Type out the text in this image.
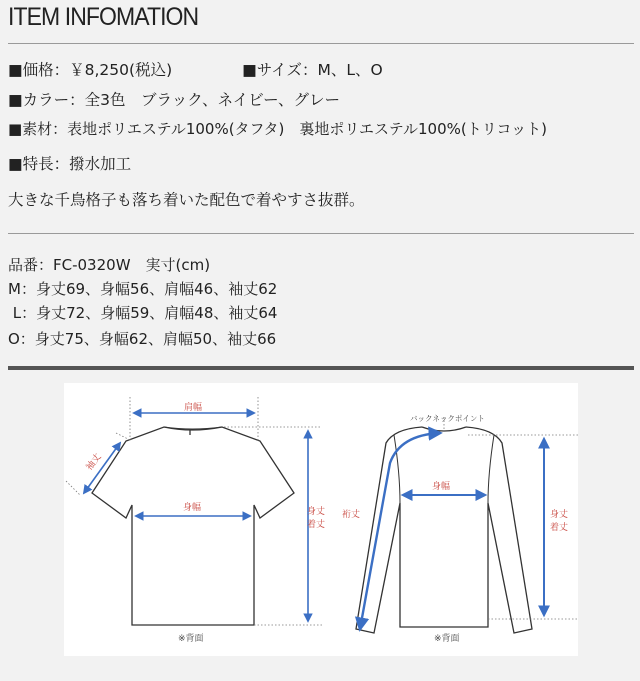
ITEM INFOMATION
■価格：￥8,250(税込)	■サイズ：M、L、O
■カラー：全3色　ブラック、ネイビー、グレー
■素材：表地ポリエステル100%(タフタ)　裏地ポリエステル100%(トリコット)
■特長：撥水加工
大きな千鳥格子も落ち着いた配色で着やすさ抜群。
品番：FC-0320W　実寸(cm)
M：身丈69、身幅56、肩幅46、袖丈62
L：身丈72、身幅59、肩幅48、袖丈64
O：身丈75、身幅62、肩幅50、袖丈66
肩幅
袖丈
身幅	身丈
着丈
※背面
バックネックポイント
身幅
裄丈	身丈
着丈
※背面
